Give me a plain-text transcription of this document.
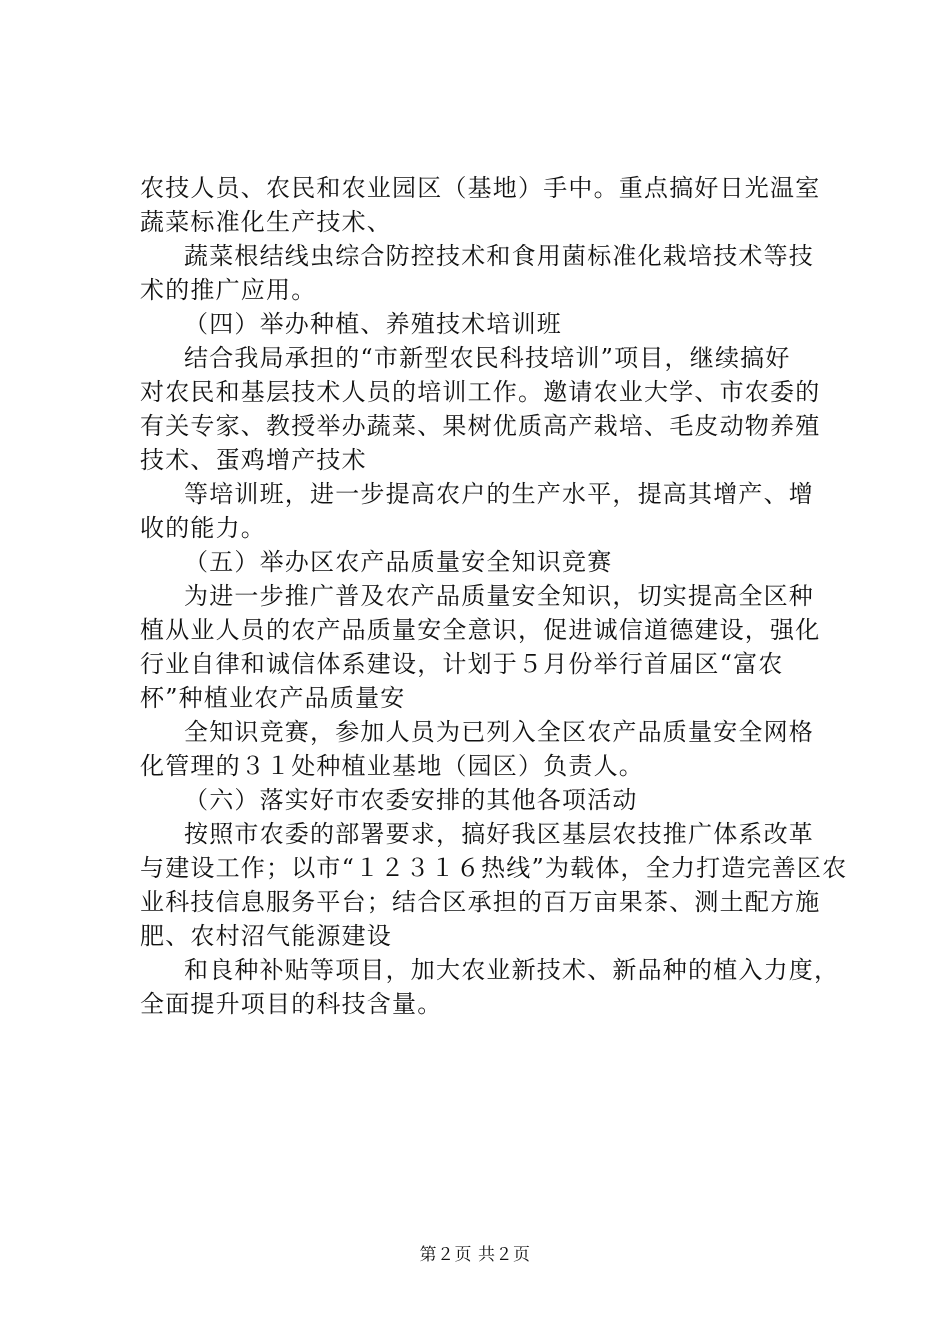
农技人员、农民和农业园区（基地）手中。重点搞好日光温室
蔬菜标准化生产技术、
蔬菜根结线虫综合防控技术和食用菌标准化栽培技术等技
术的推广应用。
（四）举办种植、养殖技术培训班
结合我局承担的“市新型农民科技培训”项目，继续搞好
对农民和基层技术人员的培训工作。邀请农业大学、市农委的
有关专家、教授举办蔬菜、果树优质高产栽培、毛皮动物养殖
技术、蛋鸡增产技术
等培训班，进一步提高农户的生产水平，提高其增产、增
收的能力。
（五）举办区农产品质量安全知识竞赛
为进一步推广普及农产品质量安全知识，切实提高全区种
植从业人员的农产品质量安全意识，促进诚信道德建设，强化
行业自律和诚信体系建设，计划于５月份举行首届区“富农
杯”种植业农产品质量安
全知识竞赛，参加人员为已列入全区农产品质量安全网格
化管理的３１处种植业基地（园区）负责人。
（六）落实好市农委安排的其他各项活动
按照市农委的部署要求，搞好我区基层农技推广体系改革
与建设工作；以市“１２３１６热线”为载体，全力打造完善区农
业科技信息服务平台；结合区承担的百万亩果茶、测土配方施
肥、农村沼气能源建设
和良种补贴等项目，加大农业新技术、新品种的植入力度，
全面提升项目的科技含量。
第２页 共２页
